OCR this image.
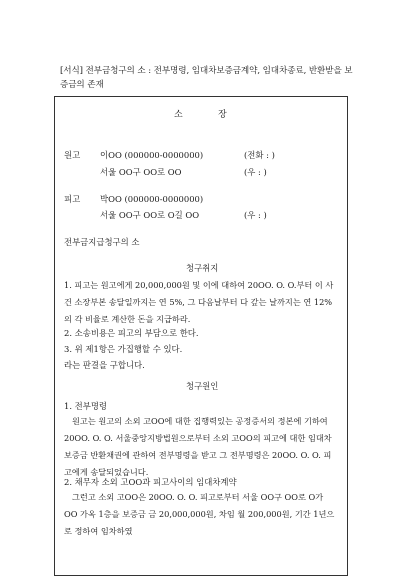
[서식] 전부금청구의 소 : 전부명령, 임대차보증금계약, 임대차종료, 반환받을 보증금의 존재
소	장
원고 이OO (000000-0000000)	(전화 : )
서울 OO구 OO로 OO	(우 : )
피고 박OO (000000-0000000)
서울 OO구 OO로 O길 OO	(우 : )
전부금지급청구의 소
청구취지
1. 피고는 원고에게 20,000,000원 및 이에 대하여 20OO. O. O.부터 이 사건 소장부본 송달일까지는 연 5%, 그 다음날부터 다 갚는 날까지는 연 12%의 각 비율로 계산한 돈을 지급하라.
2. 소송비용은 피고의 부담으로 한다.
3. 위 제1항은 가집행할 수 있다.
라는 판결을 구합니다.
청구원인
1. 전부명령
원고는 원고의 소외 고OO에 대한 집행력있는 공정증서의 정본에 기하여 20OO. O. O. 서울중앙지방법원으로부터 소외 고OO의 피고에 대한 임대차보증금 반환채권에 관하여 전부명령을 받고 그 전부명령은 20OO. O. O. 피고에게 송달되었습니다.
2. 채무자 소외 고OO과 피고사이의 임대차계약
그런고 소외 고OO은 20OO. O. O. 피고로부터 서울 OO구 OO로 O가 OO 가옥 1층을 보증금 금 20,000,000원, 차임 월 200,000원, 기간 1년으로 정하여 임차하였
